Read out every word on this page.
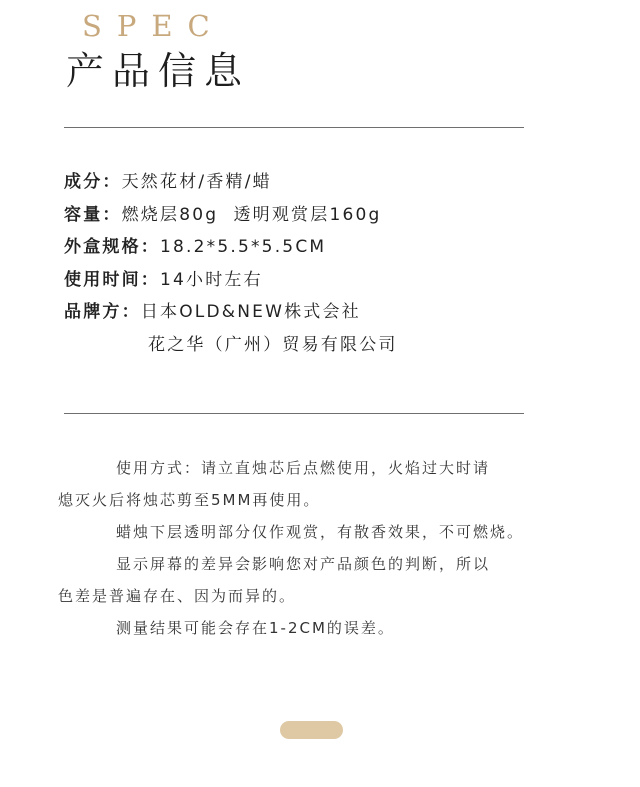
SPEC
产品信息
成分：天然花材/香精/蜡
容量：燃烧层80g  透明观赏层160g
外盒规格：18.2*5.5*5.5CM
使用时间：14小时左右
品牌方：日本OLD&NEW株式会社
花之华（广州）贸易有限公司

使用方式：请立直烛芯后点燃使用，火焰过大时请

熄灭火后将烛芯剪至5MM再使用。

蜡烛下层透明部分仅作观赏，有散香效果，不可燃烧。

显示屏幕的差异会影响您对产品颜色的判断，所以

色差是普遍存在、因为而异的。

测量结果可能会存在1-2CM的误差。
